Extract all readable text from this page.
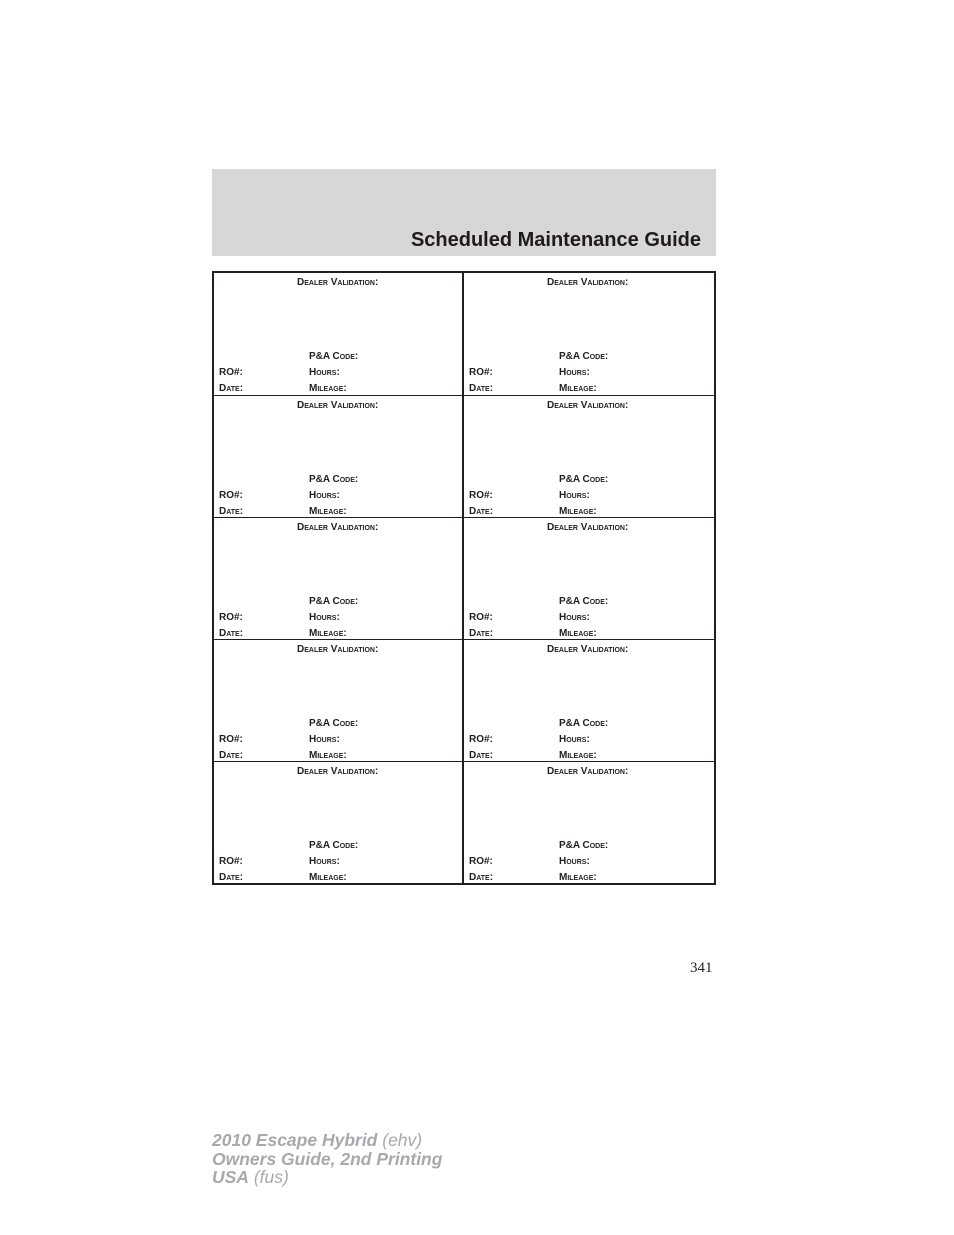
Scheduled Maintenance Guide
Dealer Validation:
P&A Code:
RO#:	Hours:
Date:	Mileage:
Dealer Validation:
P&A Code:
RO#:	Hours:
Date:	Mileage:
Dealer Validation:
P&A Code:
RO#:	Hours:
Date:	Mileage:
Dealer Validation:
P&A Code:
RO#:	Hours:
Date:	Mileage:
Dealer Validation:
P&A Code:
RO#:	Hours:
Date:	Mileage:
Dealer Validation:
P&A Code:
RO#:	Hours:
Date:	Mileage:
Dealer Validation:
P&A Code:
RO#:	Hours:
Date:	Mileage:
Dealer Validation:
P&A Code:
RO#:	Hours:
Date:	Mileage:
Dealer Validation:
P&A Code:
RO#:	Hours:
Date:	Mileage:
Dealer Validation:
P&A Code:
RO#:	Hours:
Date:	Mileage:
341
2010 Escape Hybrid (ehv)
Owners Guide, 2nd Printing
USA (fus)
